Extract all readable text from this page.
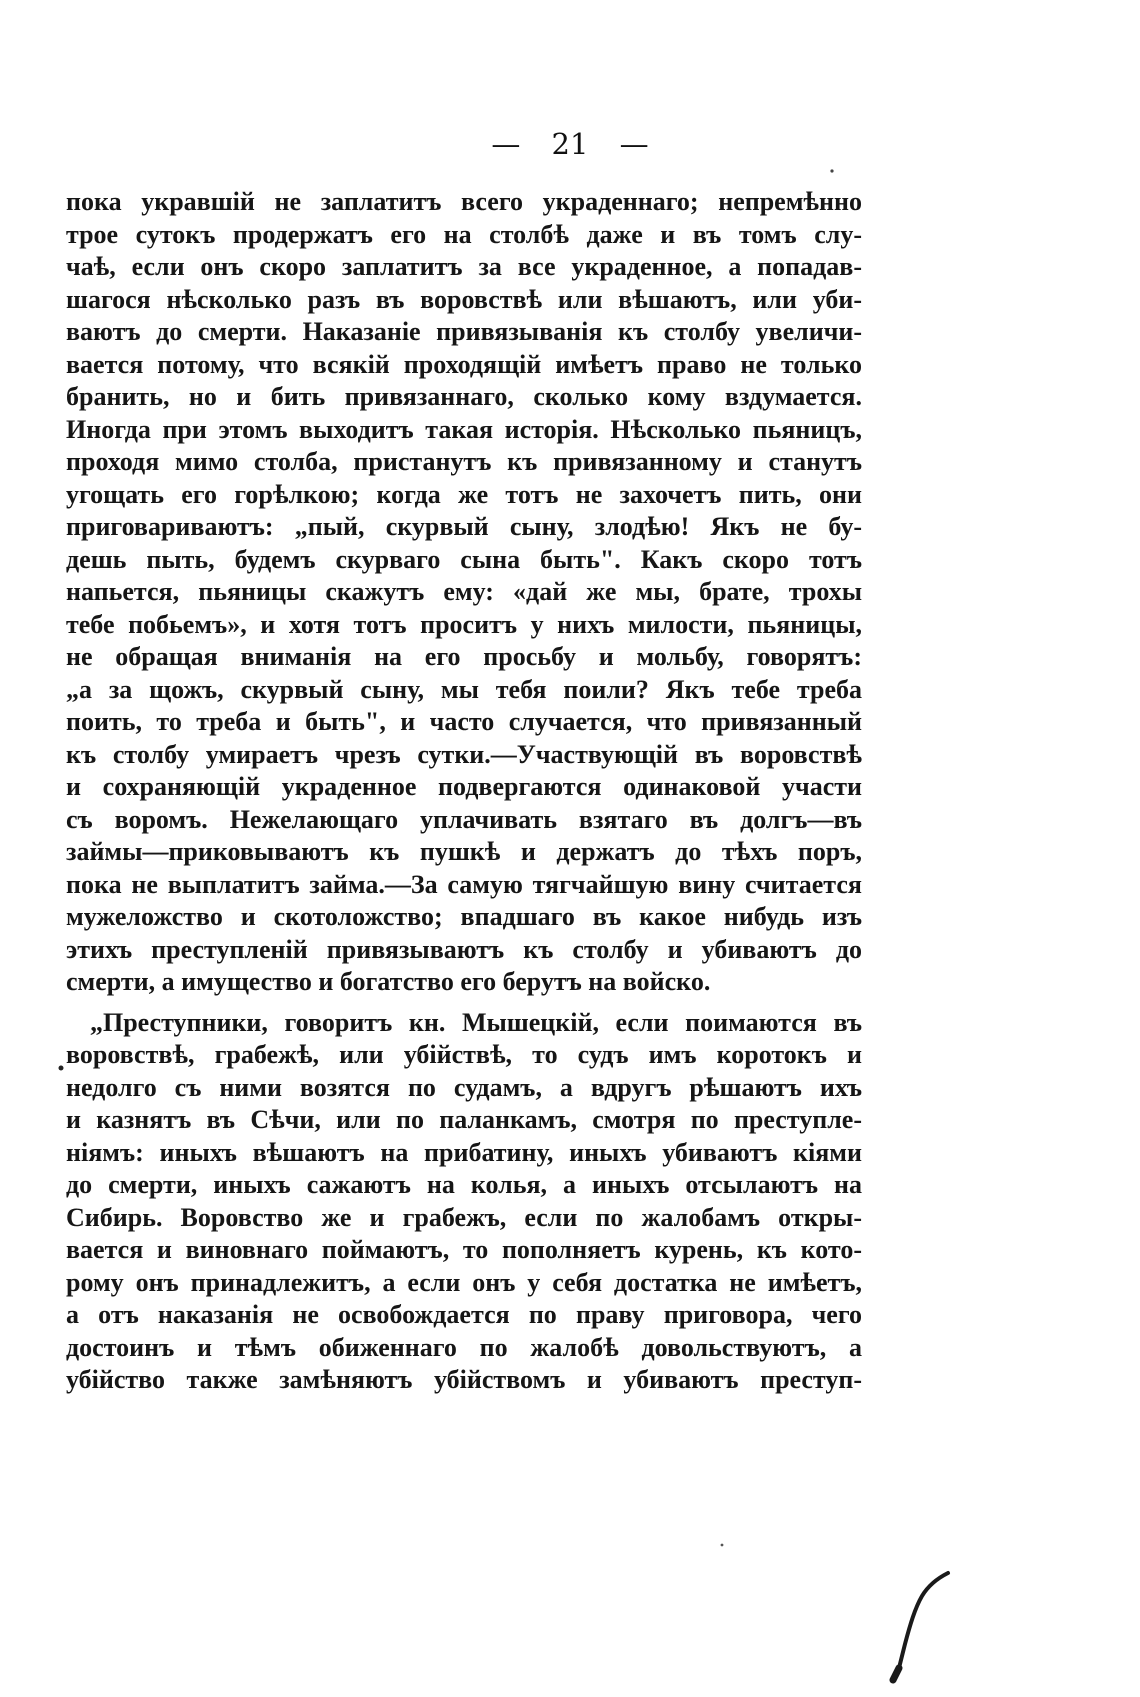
— 21 —
пока укравшій не заплатитъ всего украденнаго; непремѣнно
трое сутокъ продержатъ его на столбѣ даже и въ томъ слу-
чаѣ, если онъ скоро заплатитъ за все украденное, а попадав-
шагося нѣсколько разъ въ воровствѣ или вѣшаютъ, или уби-
ваютъ до смерти. Наказаніе привязыванія къ столбу увеличи-
вается потому, что всякій проходящій имѣетъ право не только
бранить, но и бить привязаннаго, сколько кому вздумается.
Иногда при этомъ выходитъ такая исторія. Нѣсколько пьяницъ,
проходя мимо столба, пристанутъ къ привязанному и станутъ
угощать его горѣлкою; когда же тотъ не захочетъ пить, они
приговариваютъ: „пый, скурвый сыну, злодѣю! Якъ не бу-
дешь пыть, будемъ скурваго сына быть". Какъ скоро тотъ
напьется, пьяницы скажутъ ему: «дай же мы, брате, трохы
тебе побьемъ», и хотя тотъ проситъ у нихъ милости, пьяницы,
не обращая вниманія на его просьбу и мольбу, говорятъ:
„а за щожъ, скурвый сыну, мы тебя поили? Якъ тебе треба
поить, то треба и быть", и часто случается, что привязанный
къ столбу умираетъ чрезъ сутки.—Участвующій въ воровствѣ
и сохраняющій украденное подвергаются одинаковой участи
съ воромъ. Нежелающаго уплачивать взятаго въ долгъ—въ
займы—приковываютъ къ пушкѣ и держатъ до тѣхъ поръ,
пока не выплатитъ займа.—За самую тягчайшую вину считается
мужеложство и скотоложство; впадшаго въ какое нибудь изъ
этихъ преступленій привязываютъ къ столбу и убиваютъ до
смерти, а имущество и богатство его берутъ на войско.
„Преступники, говоритъ кн. Мышецкій, если поимаются въ
воровствѣ, грабежѣ, или убійствѣ, то судъ имъ коротокъ и
недолго съ ними возятся по судамъ, а вдругъ рѣшаютъ ихъ
и казнятъ въ Сѣчи, или по паланкамъ, смотря по преступле-
ніямъ: иныхъ вѣшаютъ на прибатину, иныхъ убиваютъ кіями
до смерти, иныхъ сажаютъ на колья, а иныхъ отсылаютъ на
Сибирь. Воровство же и грабежъ, если по жалобамъ откры-
вается и виновнаго поймаютъ, то пополняетъ курень, къ кото-
рому онъ принадлежитъ, а если онъ у себя достатка не имѣетъ,
а отъ наказанія не освобождается по праву приговора, чего
достоинъ и тѣмъ обиженнаго по жалобѣ довольствуютъ, а
убійство также замѣняютъ убійствомъ и убиваютъ преступ-
